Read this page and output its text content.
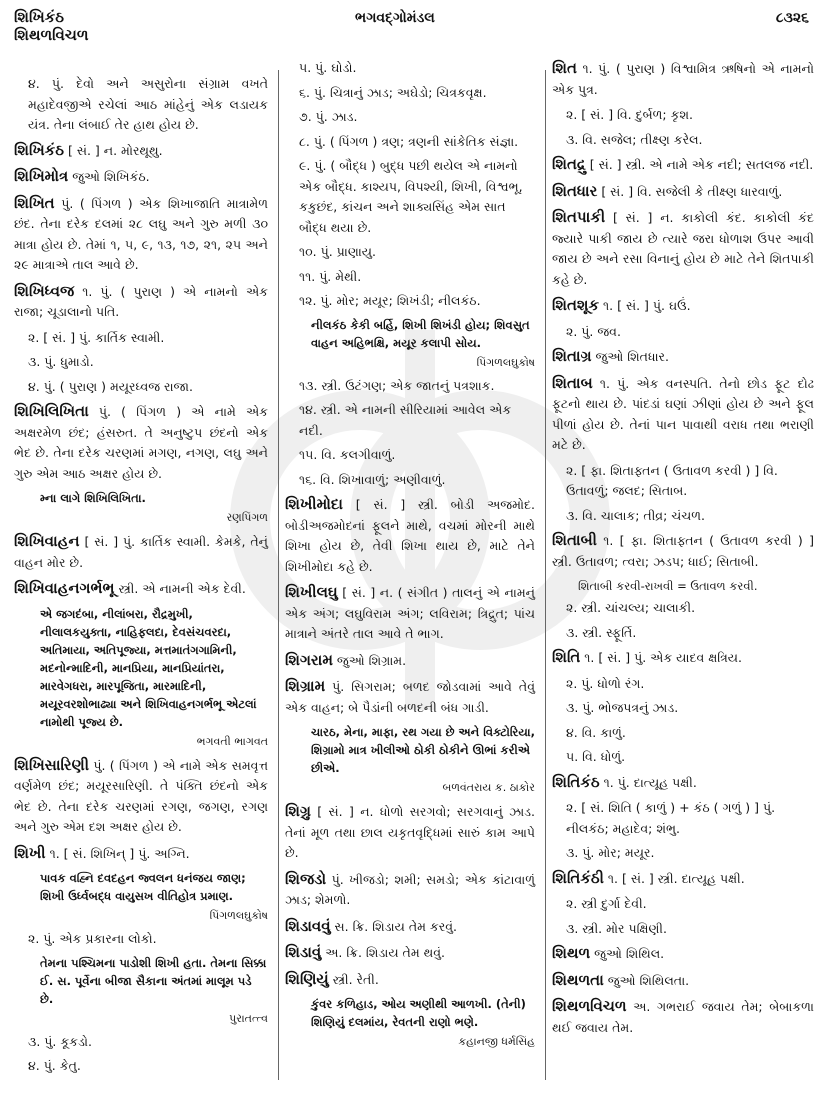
શિખિકંઠ
શિથળવિચળ
ભગવદ્ગોમંડલ	૮૩૨૬
૪. પું. દેવો અને અસુરોના સંગ્રામ વખતે મહાદેવજીએ રચેલાં આઠ માંહેનું એક લડાયક યંત્ર. તેના લંબાઈ તેર હાથ હોય છે.
શિખિકંઠ [ સં. ] ન. મોરથૂથુ.
શિખિમોત્ર જુઓ શિખિકંઠ.
શિખિત પું. ( પિંગળ ) એક શિખાજાતિ માત્રામેળ છંદ. તેના દરેક દલમાં ૨૮ લઘુ અને ગુરુ મળી ૩૦ માત્રા હોય છે. તેમાં ૧, ૫, ૯, ૧૩, ૧૭, ૨૧, ૨૫ અને ૨૯ માત્રાએ તાલ આવે છે.
શિખિધ્વજ ૧. પું. ( પુરાણ ) એ નામનો એક રાજા; ચૂડાલાનો પતિ.
૨. [ સં. ] પું. કાર્તિક સ્વામી.
૩. પું. ધુમાડો.
૪. પું. ( પુરાણ ) મયૂરધ્વજ રાજા.
શિખિલિખિતા પું. ( પિંગળ ) એ નામે એક અક્ષરમેળ છંદ; હંસરુત. તે અનુષ્ટુપ છંદનો એક ભેદ છે. તેના દરેક ચરણમાં મગણ, નગણ, લઘુ અને ગુરુ એમ આઠ અક્ષર હોય છે.
મ્ના લાગે શિખિલિખિતા.
રણપિંગળ
શિખિવાહન [ સં. ] પું. કાર્તિક સ્વામી. કેમકે, તેનું વાહન મોર છે.
શિખિવાહનગર્ભભૂ સ્ત્રી. એ નામની એક દેવી.
એ જગદંબા, નીલાંબરા, રૌદ્રમુખી, નીલાલકયુક્તા, નાહિફલદા, દેવસંચવરદા, અતિમાયા, અતિપૂજ્યા, મત્તમાતંગગામિની, મદનોન્માદિની, માનપ્રિયા, માનપ્રિયાંતરા, મારવેગધરા, મારપૂજિતા, મારમાદિની, મયૂરવરશોભાઢ્યા અને શિખિવાહનગર્ભભૂ એટલાં નામોથી પૂજ્ય છે.
ભગવતી ભાગવત
શિખિસારિણી પું. ( પિંગળ ) એ નામે એક સમવૃત્ત વર્ણમેળ છંદ; મયૂરસારિણી. તે પંક્તિ છંદનો એક ભેદ છે. તેના દરેક ચરણમાં રગણ, જગણ, રગણ અને ગુરુ એમ દશ અક્ષર હોય છે.
શિખી ૧. [ સં. શિખિન્ ] પું. અગ્નિ.
પાવક વહ્નિ દવદહન જ્વલન ધનંજય જાણ; શિખી ઉર્ધ્વબદ્ધ વાયુસખ વીતિહોત્ર પ્રમાણ.
પિંગળલઘુકોષ
૨. પું. એક પ્રકારના લોકો.
તેમના પશ્ચિમના પાડોશી શિખી હતા. તેમના સિક્કા ઈ. સ. પૂર્વેના બીજા સૈકાના અંતમાં માલૂમ પડે છે.
પુરાતત્ત્વ
૩. પું. કૂકડો.
૪. પું. કેતુ.
૫. પું. ઘોડો.
૬. પું. ચિત્રાનું ઝાડ; અઘેડો; ચિત્રકવૃક્ષ.
૭. પું. ઝાડ.
૮. પું. ( પિંગળ ) ત્રણ; ત્રણની સાંકેતિક સંજ્ઞા.
૯. પું. ( બૌદ્ધ ) બુદ્ધ પછી થયેલ એ નામનો એક બૌદ્ધ. કાશ્યપ, વિપશ્યી, શિખી, વિશ્વભૂ, કકુછંદ, કાંચન અને શાક્યસિંહ એમ સાત બૌદ્ધ થયા છે.
૧૦. પું. પ્રાણાયુ.
૧૧. પું. મેથી.
૧૨. પું. મોર; મયૂર; શિખંડી; નીલકંઠ.
નીલકંઠ કેકી બર્હિ, શિખી શિખંડી હોય; શિવસુત વાહન અહિભક્ષિ, મયૂર કલાપી સોય.
પિંગળલઘુકોષ
૧૩. સ્ત્રી. ઉટંગણ; એક જાતનું પત્રશાક.
૧૪. સ્ત્રી. એ નામની સીરિયામાં આવેલ એક નદી.
૧૫. વિ. કલગીવાળું.
૧૬. વિ. શિખાવાળું; અણીવાળું.
શિખીમોદા [ સં. ] સ્ત્રી. બોડી અજમોદ. બોડીઅજમોદનાં ફૂલને માથે, વચમાં મોરની માથે શિખા હોય છે, તેવી શિખા થાય છે, માટે તેને શિખીમોદા કહે છે.
શિખીલઘુ [ સં. ] ન. ( સંગીત ) તાલનું એ નામનું એક અંગ; લઘુવિરામ અંગ; લવિરામ; ત્રિદ્રુત; પાંચ માત્રાને અંતરે તાલ આવે તે ભાગ.
શિગરામ જુઓ શિગ્રામ.
શિગ્રામ પું. સિગરામ; બળદ જોડવામાં આવે તેવું એક વાહન; બે પૈડાંની બળદની બંધ ગાડી.
ચારઠ, મેના, માફા, રથ ગયા છે અને વિક્ટોરિયા, શિગ્રામો માત્ર ખીલીઓ ઠોકી ઠોકીને ઊભાં કરીએ છીએ.
બળવંતરાય ક. ઠાકોર
શિગ્રુ [ સં. ] ન. ધોળો સરગવો; સરગવાનું ઝાડ. તેનાં મૂળ તથા છાલ યકૃતવૃદ્ધિમાં સારું કામ આપે છે.
શિજડો પું. ખીજડો; શમી; સમડો; એક કાંટાવાળું ઝાડ; શેમળો.
શિડાવવું સ. ક્રિ. શિડાય તેમ કરવું.
શિડાવું અ. ક્રિ. શિડાય તેમ થવું.
શિણિયું સ્ત્રી. રેતી.
કુંવર કળિહાડ, ઓય અણીથી આળખી. (તેની) શિણિયું દલમાંય, રેવતની રાણો ભણે.
કહાનજી ધર્મસિંહ
શિત ૧. પું. ( પુરાણ ) વિશ્વામિત્ર ઋષિનો એ નામનો એક પુત્ર.
૨. [ સં. ] વિ. દુર્બળ; કૃશ.
૩. વિ. સજેલ; તીક્ષ્ણ કરેલ.
શિતદ્રુ [ સં. ] સ્ત્રી. એ નામે એક નદી; સતલજ નદી.
શિતધાર [ સં. ] વિ. સજેલી કે તીક્ષ્ણ ધારવાળું.
શિતપાકી [ સં. ] ન. કાકોલી કંદ. કાકોલી કંદ જ્યારે પાકી જાય છે ત્યારે જરા ધોળાશ ઉપર આવી જાય છે અને રસા વિનાનું હોય છે માટે તેને શિતપાકી કહે છે.
શિતશૂક ૧. [ સં. ] પું. ઘઉં.
૨. પું. જવ.
શિતાગ્ર જુઓ શિતધાર.
શિતાબ ૧. પું. એક વનસ્પતિ. તેનો છોડ ફૂટ દોઢ ફૂટનો થાય છે. પાંદડાં ઘણાં ઝીણાં હોય છે અને ફૂલ પીળાં હોય છે. તેનાં પાન પાવાથી વરાધ તથા ભરાણી મટે છે.
૨. [ ફા. શિતાફ્તન ( ઉતાવળ કરવી ) ] વિ. ઉતાવળું; જલદ; સિતાબ.
૩. વિ. ચાલાક; તીવ્ર; ચંચળ.
શિતાબી ૧. [ ફા. શિતાફ્તન ( ઉતાવળ કરવી ) ] સ્ત્રી. ઉતાવળ; ત્વરા; ઝડપ; ધાઈ; સિતાબી.
શિતાબી કરવી-રાખવી = ઉતાવળ કરવી.
૨. સ્ત્રી. ચાંચલ્ય; ચાલાકી.
૩. સ્ત્રી. સ્ફૂર્તિ.
શિતિ ૧. [ સં. ] પું. એક યાદવ ક્ષત્રિય.
૨. પું. ધોળો રંગ.
૩. પું. ભોજપત્રનું ઝાડ.
૪. વિ. કાળું.
૫. વિ. ધોળું.
શિતિકંઠ ૧. પું. દાત્યૂહ પક્ષી.
૨. [ સં. શિતિ ( કાળું ) + કંઠ ( ગળું ) ] પું. નીલકંઠ; મહાદેવ; શંભુ.
૩. પું. મોર; મયૂર.
શિતિકંઠી ૧. [ સં. ] સ્ત્રી. દાત્યૂહ પક્ષી.
૨. સ્ત્રી દુર્ગા દેવી.
૩. સ્ત્રી. મોર પક્ષિણી.
શિથળ જુઓ શિથિલ.
શિથળતા જુઓ શિથિલતા.
શિથળવિચળ અ. ગભરાઈ જવાય તેમ; બેબાકળા થઈ જવાય તેમ.
